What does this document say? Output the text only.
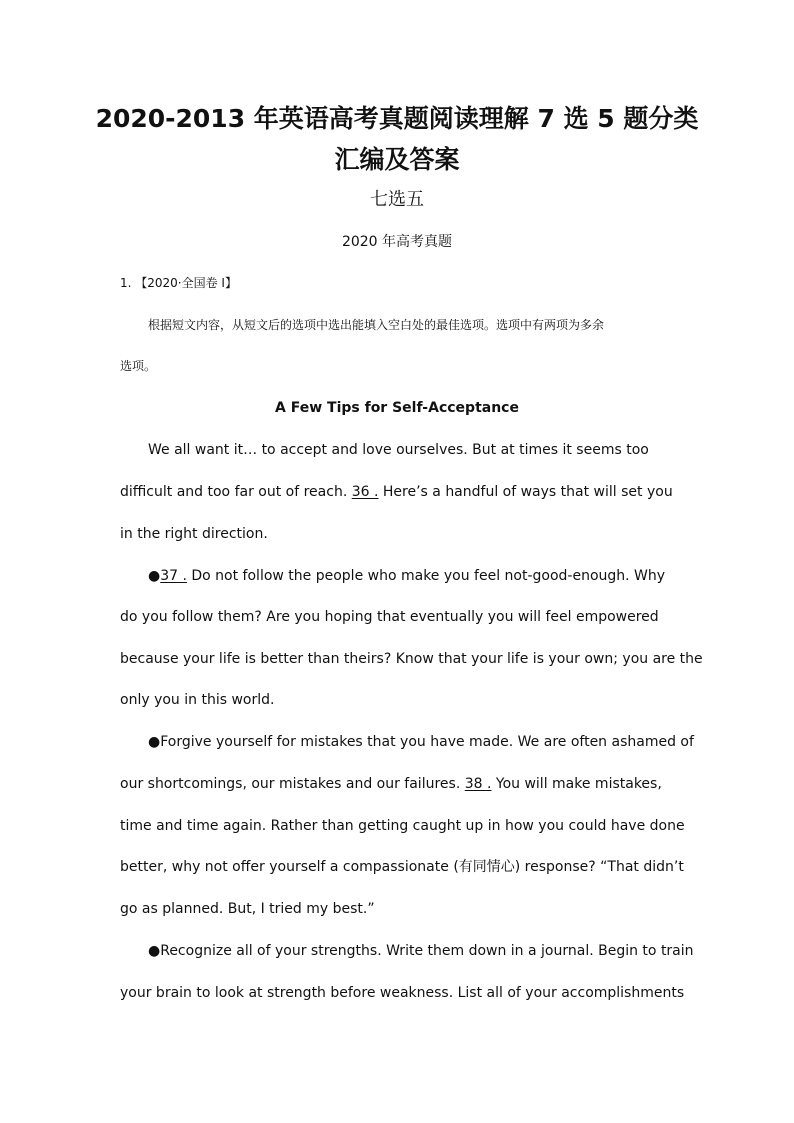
2020-2013 年英语高考真题阅读理解 7 选 5 题分类
汇编及答案
七选五
2020 年高考真题
1. 【2020·全国卷 I】
根据短文内容，从短文后的选项中选出能填入空白处的最佳选项。选项中有两项为多余
选项。
A Few Tips for Self-Acceptance
We all want it… to accept and love ourselves. But at times it seems too
difficult and too far out of reach. 36 . Here’s a handful of ways that will set you
in the right direction.
●37 . Do not follow the people who make you feel not-good-enough. Why
do you follow them? Are you hoping that eventually you will feel empowered
because your life is better than theirs? Know that your life is your own; you are the
only you in this world.
●Forgive yourself for mistakes that you have made. We are often ashamed of
our shortcomings, our mistakes and our failures. 38 . You will make mistakes,
time and time again. Rather than getting caught up in how you could have done
better, why not offer yourself a compassionate (有同情心) response? “That didn’t
go as planned. But, I tried my best.”
●Recognize all of your strengths. Write them down in a journal. Begin to train
your brain to look at strength before weakness. List all of your accomplishments
